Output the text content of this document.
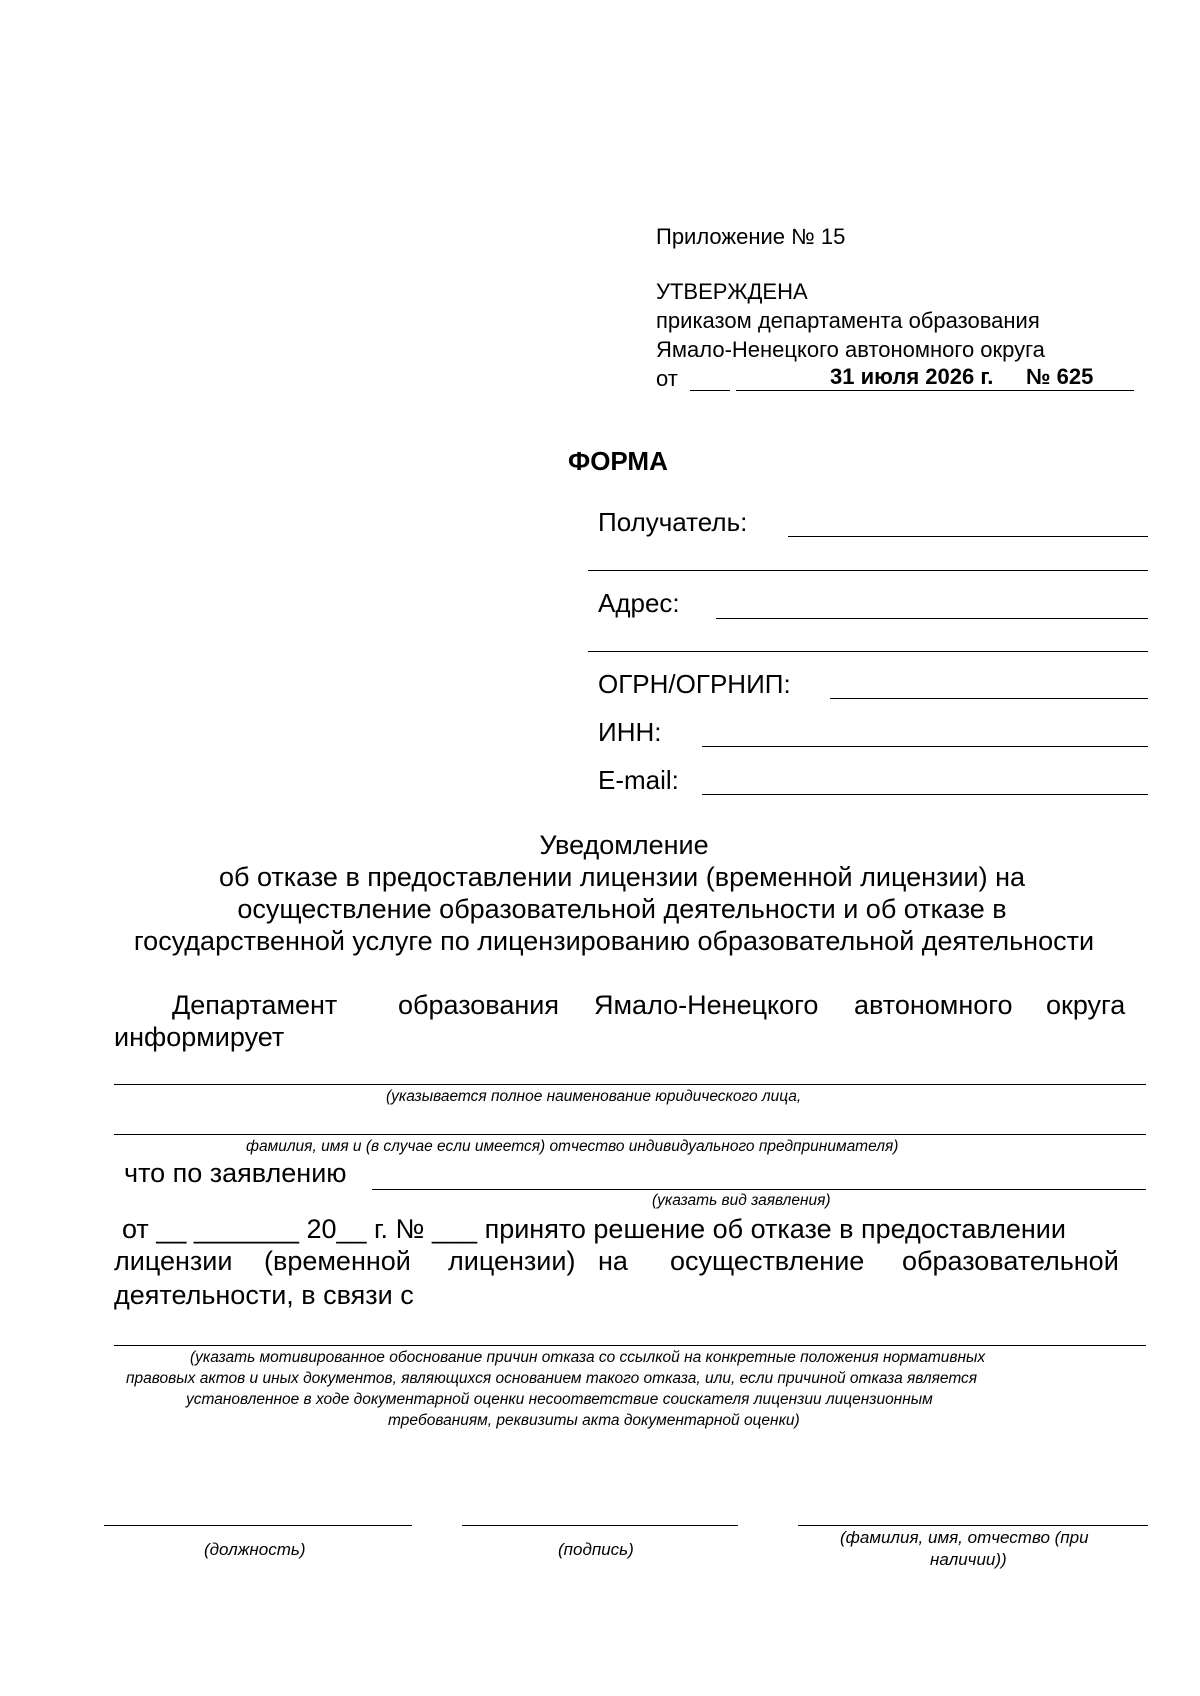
Приложение № 15
УТВЕРЖДЕНА
приказом департамента образования
Ямало-Ненецкого автономного округа
от	31 июля 2026 г. № 625
ФОРМА
Получатель:
Адрес:
ОГРН/ОГРНИП:
ИНН:
E-mail:
Уведомление
об отказе в предоставлении лицензии (временной лицензии) на
осуществление образовательной деятельности и об отказе в
государственной услуге по лицензированию образовательной деятельности
Департамент образования Ямало-Ненецкого автономного округа
информирует
(указывается полное наименование юридического лица,
фамилия, имя и (в случае если имеется) отчество индивидуального предпринимателя)
что по заявлению
(указать вид заявления)
от __ _______ 20__ г. № ___ принято решение об отказе в предоставлении
лицензии (временной лицензии) на осуществление образовательной
деятельности, в связи с
(указать мотивированное обоснование причин отказа со ссылкой на конкретные положения нормативных
правовых актов и иных документов, являющихся основанием такого отказа, или, если причиной отказа является
установленное в ходе документарной оценки несоответствие соискателя лицензии лицензионным
требованиям, реквизиты акта документарной оценки)
(должность)	(подпись)
(фамилия, имя, отчество (при
наличии))
